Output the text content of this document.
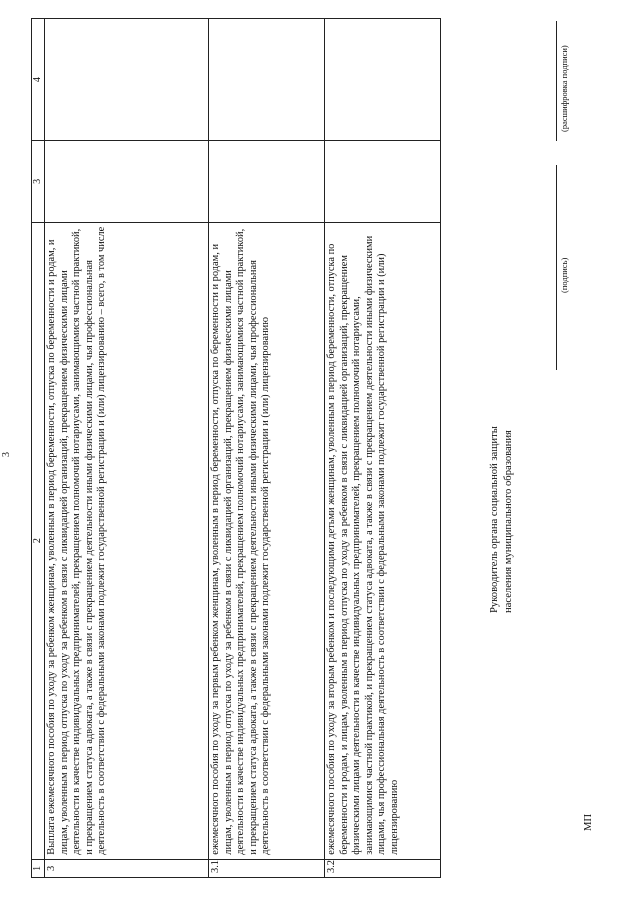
3
1	2	3	4
3	Выплата ежемесячного пособия по уходу за ребенком женщинам, уволенным в период беременности, отпуска по беременности и родам, и лицам, уволенным в период отпуска по уходу за ребенком в связи с ликвидацией организаций, прекращением физическими лицами деятельности в качестве индивидуальных предпринимателей, прекращением полномочий нотариусами, занимающимися частной практикой, и прекращением статуса адвоката, а также в связи с прекращением деятельности иными физическими лицами, чья профессиональная деятельность в соответствии с федеральными законами подлежит государственной регистрации и (или) лицензированию – всего, в том числе		
3.1	ежемесячного пособия по уходу за первым ребенком женщинам, уволенным в период беременности, отпуска по беременности и родам, и лицам, уволенным в период отпуска по уходу за ребенком в связи с ликвидацией организаций, прекращением физическими лицами деятельности в качестве индивидуальных предпринимателей, прекращением полномочий нотариусами, занимающимися частной практикой, и прекращением статуса адвоката, а также в связи с прекращением деятельности иными физическими лицами, чья профессиональная деятельность в соответствии с федеральными законами подлежит государственной регистрации и (или) лицензированию		
3.2	ежемесячного пособия по уходу за вторым ребенком и последующими детьми женщинам, уволенным в период беременности, отпуска по беременности и родам, и лицам, уволенным в период отпуска по уходу за ребенком в связи с ликвидацией организаций, прекращением физическими лицами деятельности в качестве индивидуальных предпринимателей, прекращением полномочий нотариусами, занимающимися частной практикой, и прекращением статуса адвоката, а также в связи с прекращением деятельности иными физическими лицами, чья профессиональная деятельность в соответствии с федеральными законами подлежит государственной регистрации и (или) лицензированию		
Руководитель органа социальной защиты населения муниципального образования
(подпись)
(расшифровка подписи)
МП
